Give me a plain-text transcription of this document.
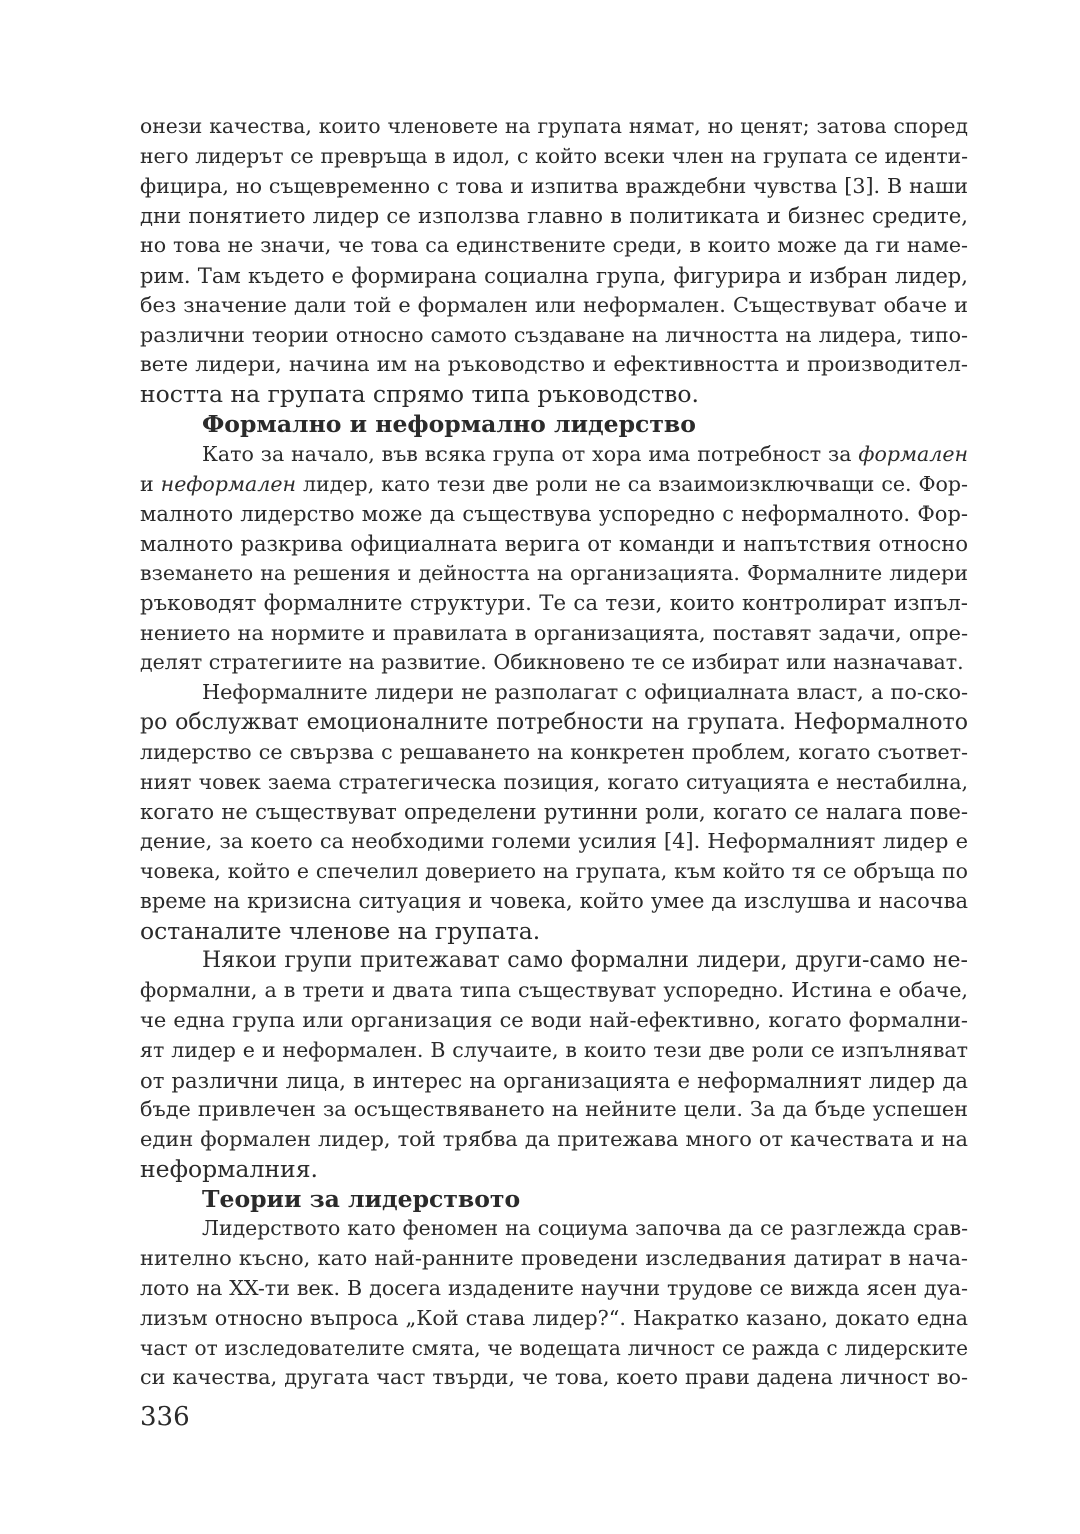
онези качества, които членовете на групата нямат, но ценят; затова според
него лидерът се превръща в идол, с който всеки член на групата се иденти-
фицира, но същевременно с това и изпитва враждебни чувства [3]. В наши
дни понятието лидер се използва главно в политиката и бизнес средите,
но това не значи, че това са единствените среди, в които може да ги наме-
рим. Там където е формирана социална група, фигурира и избран лидер,
без значение дали той е формален или неформален. Съществуват обаче и
различни теории относно самото създаване на личността на лидера, типо-
вете лидери, начина им на ръководство и ефективността и производител-
ността на групата спрямо типа ръководство.
Формално и неформално лидерство
Като за начало, във всяка група от хора има потребност за формален
и неформален лидер, като тези две роли не са взаимоизключващи се. Фор-
малното лидерство може да съществува успоредно с неформалното. Фор-
малното разкрива официалната верига от команди и напътствия относно
вземането на решения и дейността на организацията. Формалните лидери
ръководят формалните структури. Те са тези, които контролират изпъл-
нението на нормите и правилата в организацията, поставят задачи, опре-
делят стратегиите на развитие. Обикновено те се избират или назначават.
Неформалните лидери не разполагат с официалната власт, а по-ско-
ро обслужват емоционалните потребности на групата. Неформалното
лидерство се свързва с решаването на конкретен проблем, когато съответ-
ният човек заема стратегическа позиция, когато ситуацията е нестабилна,
когато не съществуват определени рутинни роли, когато се налага пове-
дение, за което са необходими големи усилия [4]. Неформалният лидер е
човека, който е спечелил доверието на групата, към който тя се обръща по
време на кризисна ситуация и човека, който умее да изслушва и насочва
останалите членове на групата.
Някои групи притежават само формални лидери, други-само не-
формални, а в трети и двата типа съществуват успоредно. Истина е обаче,
че една група или организация се води най-ефективно, когато формални-
ят лидер е и неформален. В случаите, в които тези две роли се изпълняват
от различни лица, в интерес на организацията е неформалният лидер да
бъде привлечен за осъществяването на нейните цели. За да бъде успешен
един формален лидер, той трябва да притежава много от качествата и на
неформалния.
Теории за лидерството
Лидерството като феномен на социума започва да се разглежда срав-
нително късно, като най-ранните проведени изследвания датират в нача-
лото на XX-ти век. В досега издадените научни трудове се вижда ясен дуа-
лизъм относно въпроса „Кой става лидер?“. Накратко казано, докато една
част от изследователите смята, че водещата личност се ражда с лидерските
си качества, другата част твърди, че това, което прави дадена личност во-
336
